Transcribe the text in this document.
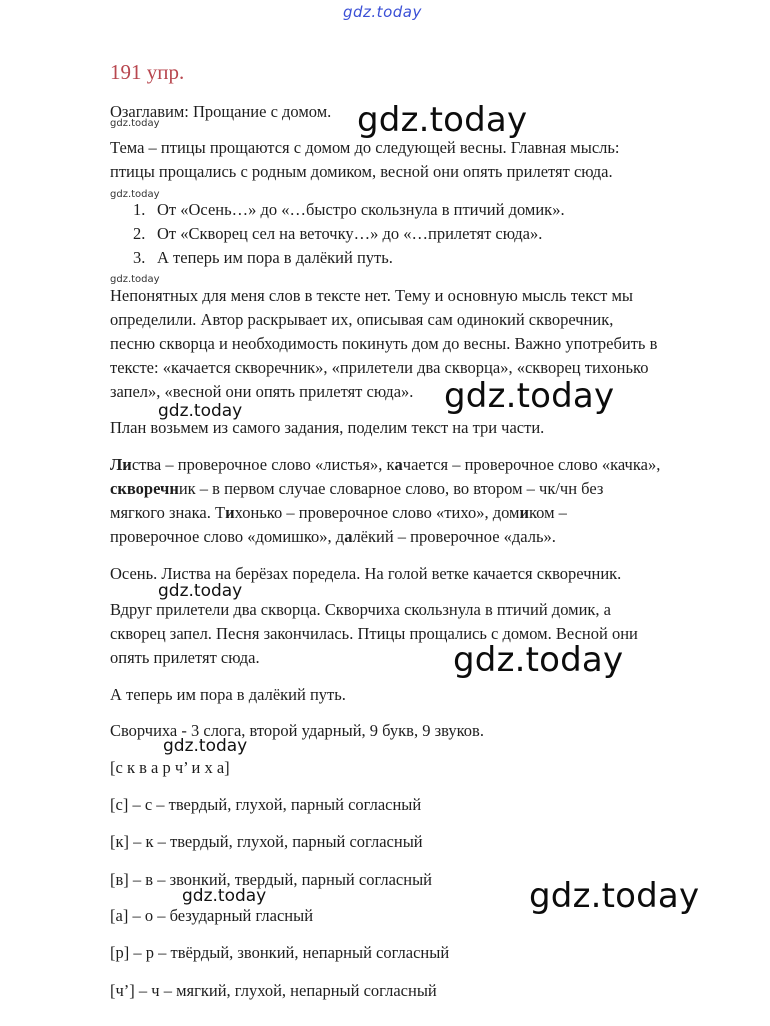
gdz.today
191 упр.
Озаглавим: Прощание с домом.
Тема – птицы прощаются с домом до следующей весны. Главная мысль:
птицы прощались с родным домиком, весной они опять прилетят сюда.
1. От «Осень…» до «…быстро скользнула в птичий домик».
2. От «Скворец сел на веточку…» до «…прилетят сюда».
3. А теперь им пора в далёкий путь.
Непонятных для меня слов в тексте нет. Тему и основную мысль текст мы
определили. Автор раскрывает их, описывая сам одинокий скворечник,
песню скворца и необходимость покинуть дом до весны. Важно употребить в
тексте: «качается скворечник», «прилетели два скворца», «скворец тихонько
запел», «весной они опять прилетят сюда».
План возьмем из самого задания, поделим текст на три части.
Листва – проверочное слово «листья», качается – проверочное слово «качка»,
скворечник – в первом случае словарное слово, во втором – чк/чн без
мягкого знака. Тихонько – проверочное слово «тихо», домиком –
проверочное слово «домишко», далёкий – проверочное «даль».
Осень. Листва на берёзах поредела. На голой ветке качается скворечник.
Вдруг прилетели два скворца. Скворчиха скользнула в птичий домик, а
скворец запел. Песня закончилась. Птицы прощались с домом. Весной они
опять прилетят сюда.
А теперь им пора в далёкий путь.
Сворчиха - 3 слога, второй ударный, 9 букв, 9 звуков.
[с к в а р ч’ и х а]
[с] – с – твердый, глухой, парный согласный
[к] – к – твердый, глухой, парный согласный
[в] – в – звонкий, твердый, парный согласный
[а] – о – безударный гласный
[р] – р – твёрдый, звонкий, непарный согласный
[ч’] – ч – мягкий, глухой, непарный согласный
gdz.today
gdz.today
gdz.today
gdz.today
gdz.today
gdz.today
gdz.today
gdz.today
gdz.today
gdz.today
gdz.today
